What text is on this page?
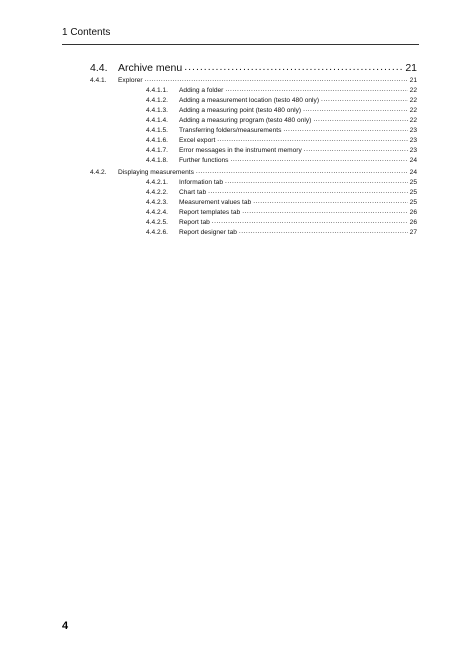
1 Contents
4.4. Archive menu .....	21
4.4.1.	Explorer .....	21
4.4.1.1.	Adding a folder .....	22
4.4.1.2.	Adding a measurement location (testo 480 only) .....	22
4.4.1.3.	Adding a measuring point (testo 480 only) .....	22
4.4.1.4.	Adding a measuring program (testo 480 only) .....	22
4.4.1.5.	Transferring folders/measurements .....	23
4.4.1.6.	Excel export .....	23
4.4.1.7.	Error messages in the instrument memory .....	23
4.4.1.8.	Further functions .....	24
4.4.2.	Displaying measurements .....	24
4.4.2.1.	Information tab .....	25
4.4.2.2.	Chart tab .....	25
4.4.2.3.	Measurement values tab .....	25
4.4.2.4.	Report templates tab .....	26
4.4.2.5.	Report tab .....	26
4.4.2.6.	Report designer tab .....	27
4
